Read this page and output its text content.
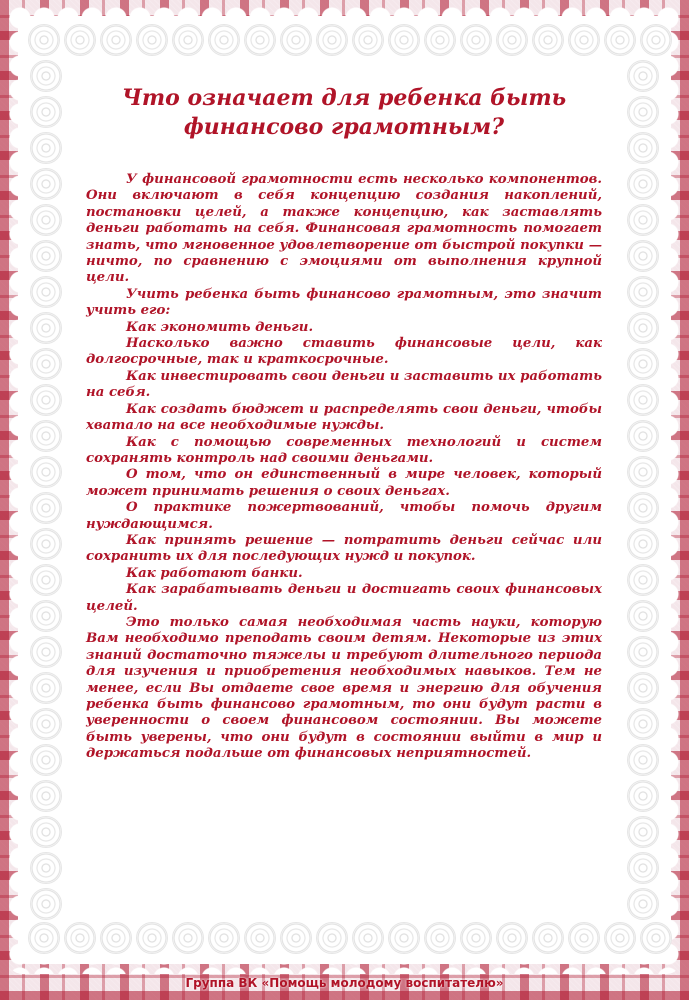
Что означает для ребенка быть
финансово грамотным?

У финансовой грамотности есть несколько компонентов. Они включают в себя концепцию создания накоплений, постановки целей, а также концепцию, как заставлять деньги работать на себя. Финансовая грамотность помогает знать, что мгновенное удовлетворение от быстрой покупки — ничто, по сравнению с эмоциями от выполнения крупной цели.

Учить ребенка быть финансово грамотным, это значит учить его:

Как экономить деньги.

Насколько важно ставить финансовые цели, как долгосрочные, так и краткосрочные.

Как инвестировать свои деньги и заставить их работать на себя.

Как создать бюджет и распределять свои деньги, чтобы хватало на все необходимые нужды.

Как с помощью современных технологий и систем сохранять контроль над своими деньгами.

О том, что он единственный в мире человек, который может принимать решения о своих деньгах.

О практике пожертвований, чтобы помочь другим нуждающимся.

Как принять решение — потратить деньги сейчас или сохранить их для последующих нужд и покупок.

Как работают банки.

Как зарабатывать деньги и достигать своих финансовых целей.

Это только самая необходимая часть науки, которую Вам необходимо преподать своим детям. Некоторые из этих знаний достаточно тяжелы и требуют длительного периода для изучения и приобретения необходимых навыков. Тем не менее, если Вы отдаете свое время и энергию для обучения ребенка быть финансово грамотным, то они будут расти в уверенности о своем финансовом состоянии. Вы можете быть уверены, что они будут в состоянии выйти в мир и держаться подальше от финансовых неприятностей.

Группа ВК «Помощь молодому воспитателю»
